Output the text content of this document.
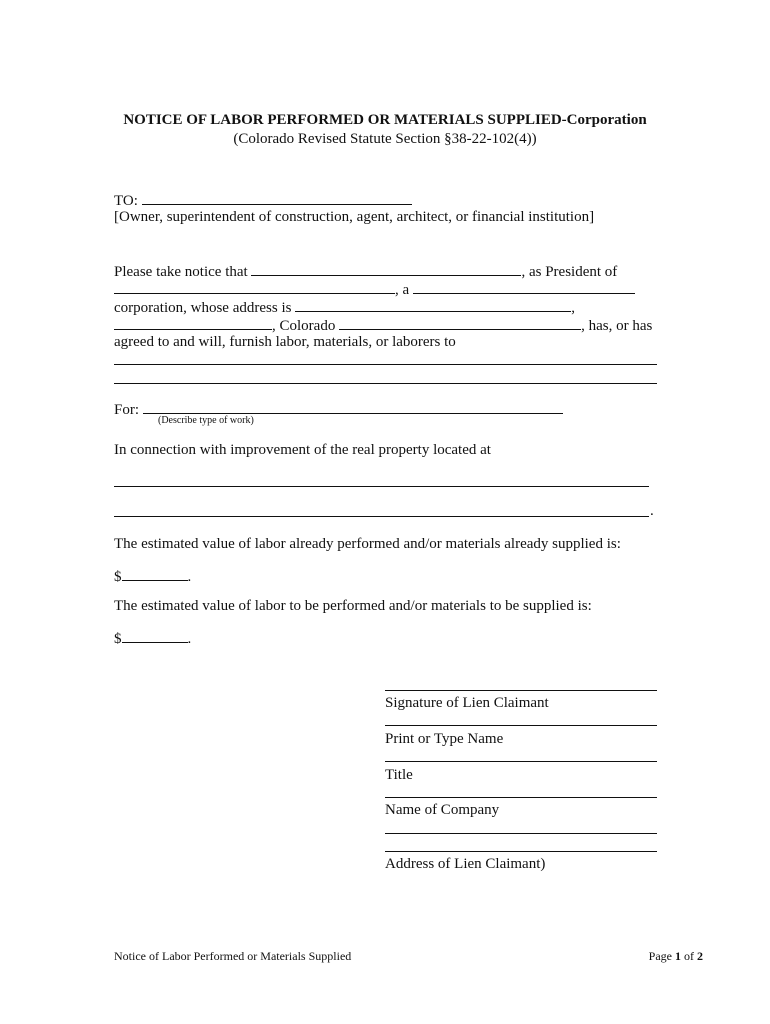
NOTICE OF LABOR PERFORMED OR MATERIALS SUPPLIED-Corporation
(Colorado Revised Statute Section §38-22-102(4))
TO:
[Owner, superintendent of construction, agent, architect, or financial institution]
Please take notice that	, as President of
, a
corporation, whose address is	,
, Colorado	, has, or has
agreed to and will, furnish labor, materials, or laborers to
For:
(Describe type of work)
In connection with improvement of the real property located at
.
The estimated value of labor already performed and/or materials already supplied is:
$	.
The estimated value of labor to be performed and/or materials to be supplied is:
$	.
Signature of Lien Claimant
Print or Type Name
Title
Name of Company
Address of Lien Claimant)
Notice of Labor Performed or Materials Supplied	Page 1 of 2
